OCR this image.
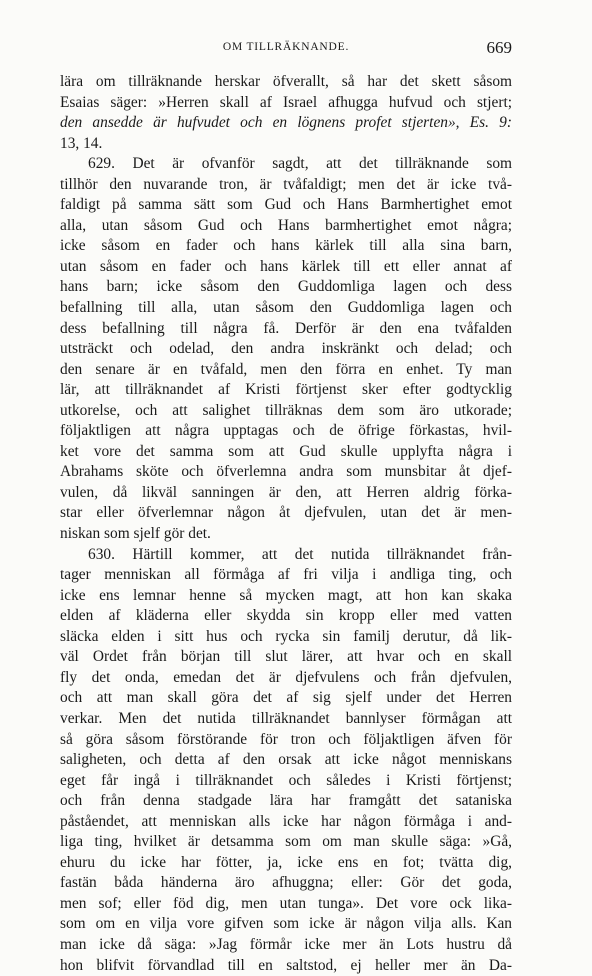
OM TILLRÄKNANDE.	669
lära om tillräknande herskar öfverallt, så har det skett såsom
Esaias säger: »Herren skall af Israel afhugga hufvud och stjert;
den ansedde är hufvudet och en lögnens profet stjerten», Es. 9:
13, 14.
629. Det är ofvanför sagdt, att det tillräknande som
tillhör den nuvarande tron, är tvåfaldigt; men det är icke två-
faldigt på samma sätt som Gud och Hans Barmhertighet emot
alla, utan såsom Gud och Hans barmhertighet emot några;
icke såsom en fader och hans kärlek till alla sina barn,
utan såsom en fader och hans kärlek till ett eller annat af
hans barn; icke såsom den Guddomliga lagen och dess
befallning till alla, utan såsom den Guddomliga lagen och
dess befallning till några få. Derför är den ena tvåfalden
utsträckt och odelad, den andra inskränkt och delad; och
den senare är en tvåfald, men den förra en enhet. Ty man
lär, att tillräknandet af Kristi förtjenst sker efter godtycklig
utkorelse, och att salighet tillräknas dem som äro utkorade;
följaktligen att några upptagas och de öfrige förkastas, hvil-
ket vore det samma som att Gud skulle upplyfta några i
Abrahams sköte och öfverlemna andra som munsbitar åt djef-
vulen, då likväl sanningen är den, att Herren aldrig förka-
star eller öfverlemnar någon åt djefvulen, utan det är men-
niskan som sjelf gör det.
630. Härtill kommer, att det nutida tillräknandet från-
tager menniskan all förmåga af fri vilja i andliga ting, och
icke ens lemnar henne så mycken magt, att hon kan skaka
elden af kläderna eller skydda sin kropp eller med vatten
släcka elden i sitt hus och rycka sin familj derutur, då lik-
väl Ordet från början till slut lärer, att hvar och en skall
fly det onda, emedan det är djefvulens och från djefvulen,
och att man skall göra det af sig sjelf under det Herren
verkar. Men det nutida tillräknandet bannlyser förmågan att
så göra såsom förstörande för tron och följaktligen äfven för
saligheten, och detta af den orsak att icke något menniskans
eget får ingå i tillräknandet och således i Kristi förtjenst;
och från denna stadgade lära har framgått det sataniska
påståendet, att menniskan alls icke har någon förmåga i and-
liga ting, hvilket är detsamma som om man skulle säga: »Gå,
ehuru du icke har fötter, ja, icke ens en fot; tvätta dig,
fastän båda händerna äro afhuggna; eller: Gör det goda,
men sof; eller föd dig, men utan tunga». Det vore ock lika-
som om en vilja vore gifven som icke är någon vilja alls. Kan
man icke då säga: »Jag förmår icke mer än Lots hustru då
hon blifvit förvandlad till en saltstod, ej heller mer än Da-
